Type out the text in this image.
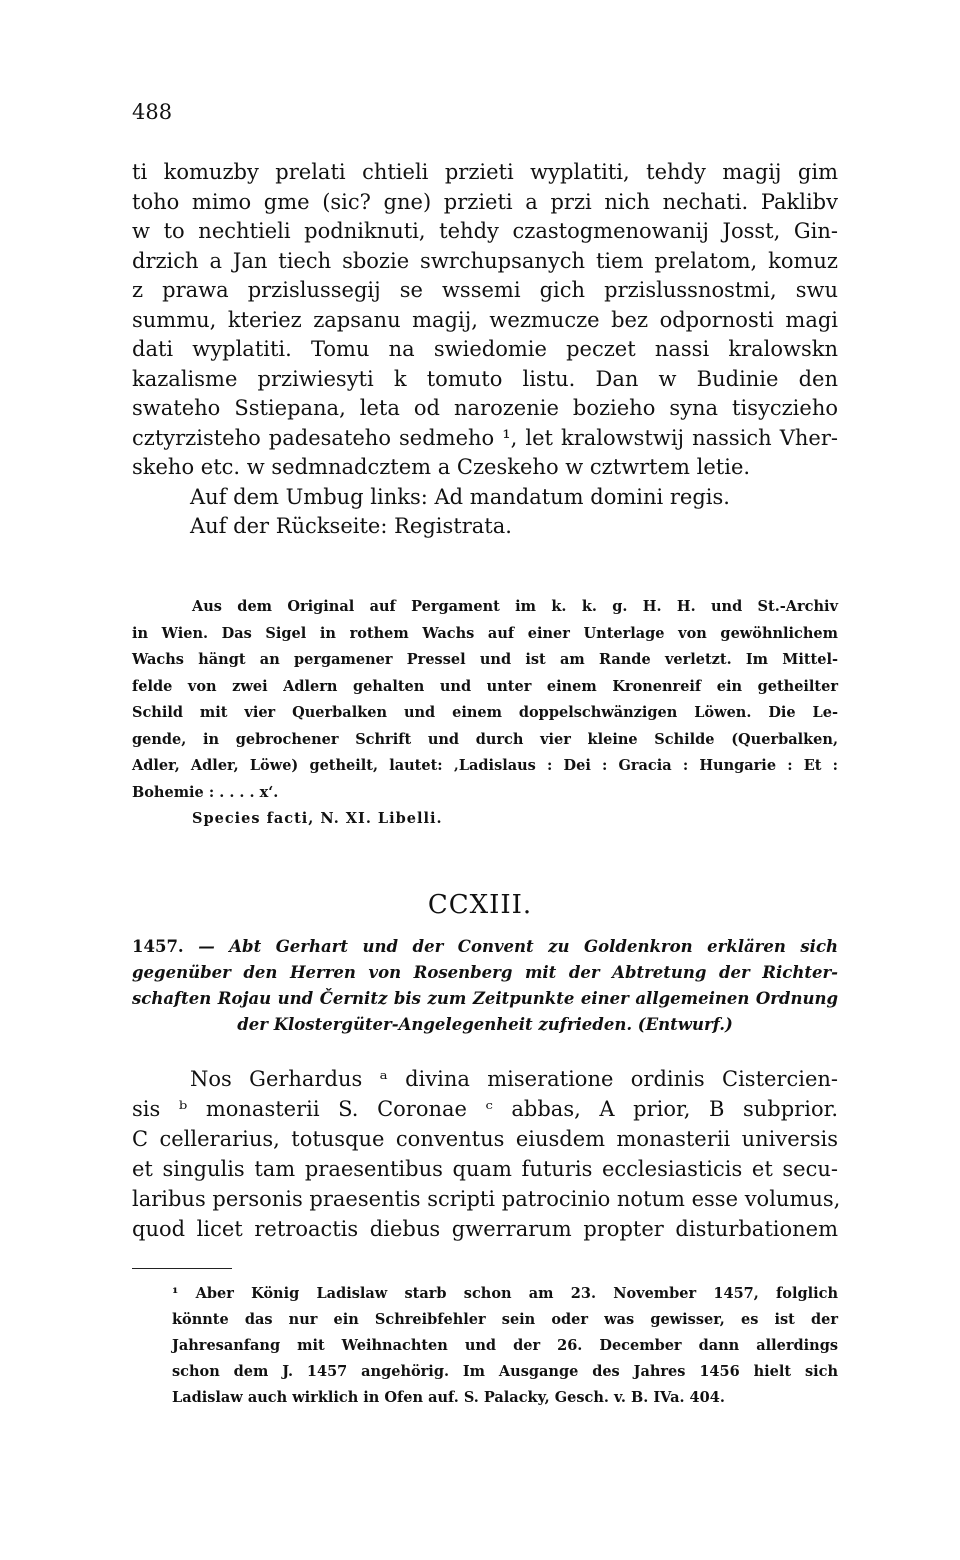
488
ti komuzby prelati chtieli przieti wyplatiti, tehdy magij gim
toho mimo gme (sic? gne) przieti a przi nich nechati. Paklibv
w to nechtieli podniknuti, tehdy czastogmenowanij Josst, Gin-
drzich a Jan tiech sbozie swrchupsanych tiem prelatom, komuz
z prawa przislussegij se wssemi gich przislussnostmi, swu
summu, kteriez zapsanu magij, wezmucze bez odpornosti magi
dati wyplatiti. Tomu na swiedomie peczet nassi kralowskn
kazalisme prziwiesyti k tomuto listu. Dan w Budinie den
swateho Sstiepana, leta od narozenie bozieho syna tisyczieho
cztyrzisteho padesateho sedmeho ¹, let kralowstwij nassich Vher-
skeho etc. w sedmnadcztem a Czeskeho w cztwrtem letie.
Auf dem Umbug links: Ad mandatum domini regis.
Auf der Rückseite: Registrata.
Aus dem Original auf Pergament im k. k. g. H. H. und St.-Archiv
in Wien. Das Sigel in rothem Wachs auf einer Unterlage von gewöhnlichem
Wachs hängt an pergamener Pressel und ist am Rande verletzt. Im Mittel-
felde von zwei Adlern gehalten und unter einem Kronenreif ein getheilter
Schild mit vier Querbalken und einem doppelschwänzigen Löwen. Die Le-
gende, in gebrochener Schrift und durch vier kleine Schilde (Querbalken,
Adler, Adler, Löwe) getheilt, lautet: ‚Ladislaus : Dei : Gracia : Hungarie : Et :
Bohemie : . . . . x‘.
Species facti, N. XI. Libelli.
CCXIII.
1457. — Abt Gerhart und der Convent zu Goldenkron erklären sich
gegenüber den Herren von Rosenberg mit der Abtretung der Richter-
schaften Rojau und Černitz bis zum Zeitpunkte einer allgemeinen Ordnung
der Klostergüter-Angelegenheit zufrieden. (Entwurf.)
Nos Gerhardus ᵃ divina miseratione ordinis Cistercien-
sis ᵇ monasterii S. Coronae ᶜ abbas, A prior, B subprior.
C cellerarius, totusque conventus eiusdem monasterii universis
et singulis tam praesentibus quam futuris ecclesiasticis et secu-
laribus personis praesentis scripti patrocinio notum esse volumus,
quod licet retroactis diebus gwerrarum propter disturbationem
¹ Aber König Ladislaw starb schon am 23. November 1457, folglich
könnte das nur ein Schreibfehler sein oder was gewisser, es ist der
Jahresanfang mit Weihnachten und der 26. December dann allerdings
schon dem J. 1457 angehörig. Im Ausgange des Jahres 1456 hielt sich
Ladislaw auch wirklich in Ofen auf. S. Palacky, Gesch. v. B. IVa. 404.
